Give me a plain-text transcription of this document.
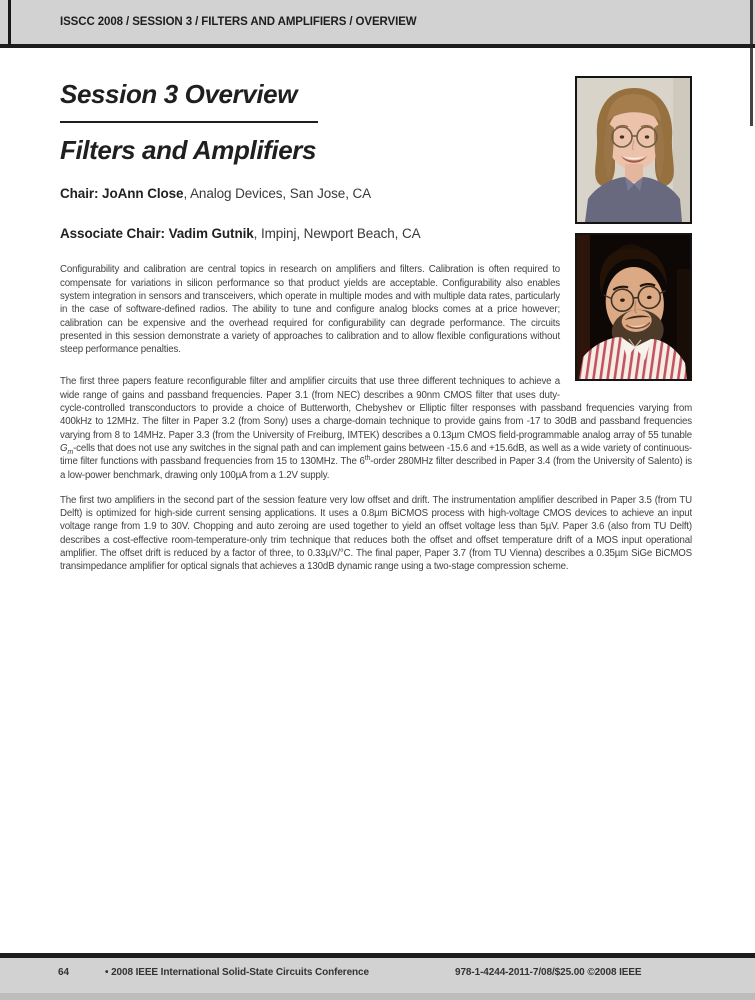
ISSCC 2008 / SESSION 3 / FILTERS AND AMPLIFIERS / OVERVIEW
Session 3 Overview
Filters and Amplifiers

Chair: JoAnn Close, Analog Devices, San Jose, CA

Associate Chair: Vadim Gutnik, Impinj, Newport Beach, CA

Configurability and calibration are central topics in research on amplifiers and filters. Calibration is often required to compensate for variations in silicon performance so that product yields are acceptable. Configurability also enables system integration in sensors and transceivers, which operate in multiple modes and with multiple data rates, particularly in the case of software-defined radios. The ability to tune and configure analog blocks comes at a price however; calibration can be expensive and the overhead required for configurability can degrade performance. The circuits presented in this session demonstrate a variety of approaches to calibration and to allow flexible configurations without steep performance penalties.

The first three papers feature reconfigurable filter and amplifier circuits that use three different techniques to achieve a wide range of gains and passband frequencies. Paper 3.1 (from NEC) describes a 90nm CMOS filter that uses duty-cycle-controlled transconductors to provide a choice of Butterworth, Chebyshev or Elliptic filter responses with passband frequencies varying from 400kHz to 12MHz. The filter in Paper 3.2 (from Sony) uses a charge-domain technique to provide gains from -17 to 30dB and passband frequencies varying from 8 to 14MHz. Paper 3.3 (from the University of Freiburg, IMTEK) describes a 0.13µm CMOS field-programmable analog array of 55 tunable $G_m$-cells that does not use any switches in the signal path and can implement gains between -15.6 and +15.6dB, as well as a wide variety of continuous-time filter functions with passband frequencies from 15 to 130MHz. The 6th-order 280MHz filter described in Paper 3.4 (from the University of Salento) is a low-power benchmark, drawing only 100µA from a 1.2V supply.

The first two amplifiers in the second part of the session feature very low offset and drift. The instrumentation amplifier described in Paper 3.5 (from TU Delft) is optimized for high-side current sensing applications. It uses a 0.8µm BiCMOS process with high-voltage CMOS devices to achieve an input voltage range from 1.9 to 30V. Chopping and auto zeroing are used together to yield an offset voltage less than 5µV. Paper 3.6 (also from TU Delft) describes a cost-effective room-temperature-only trim technique that reduces both the offset and offset temperature drift of a MOS input operational amplifier. The offset drift is reduced by a factor of three, to 0.33µV/°C. The final paper, Paper 3.7 (from TU Vienna) describes a 0.35µm SiGe BiCMOS transimpedance amplifier for optical signals that achieves a 130dB dynamic range using a two-stage compression scheme.

64	• 2008 IEEE International Solid-State Circuits Conference	978-1-4244-2011-7/08/$25.00 ©2008 IEEE
